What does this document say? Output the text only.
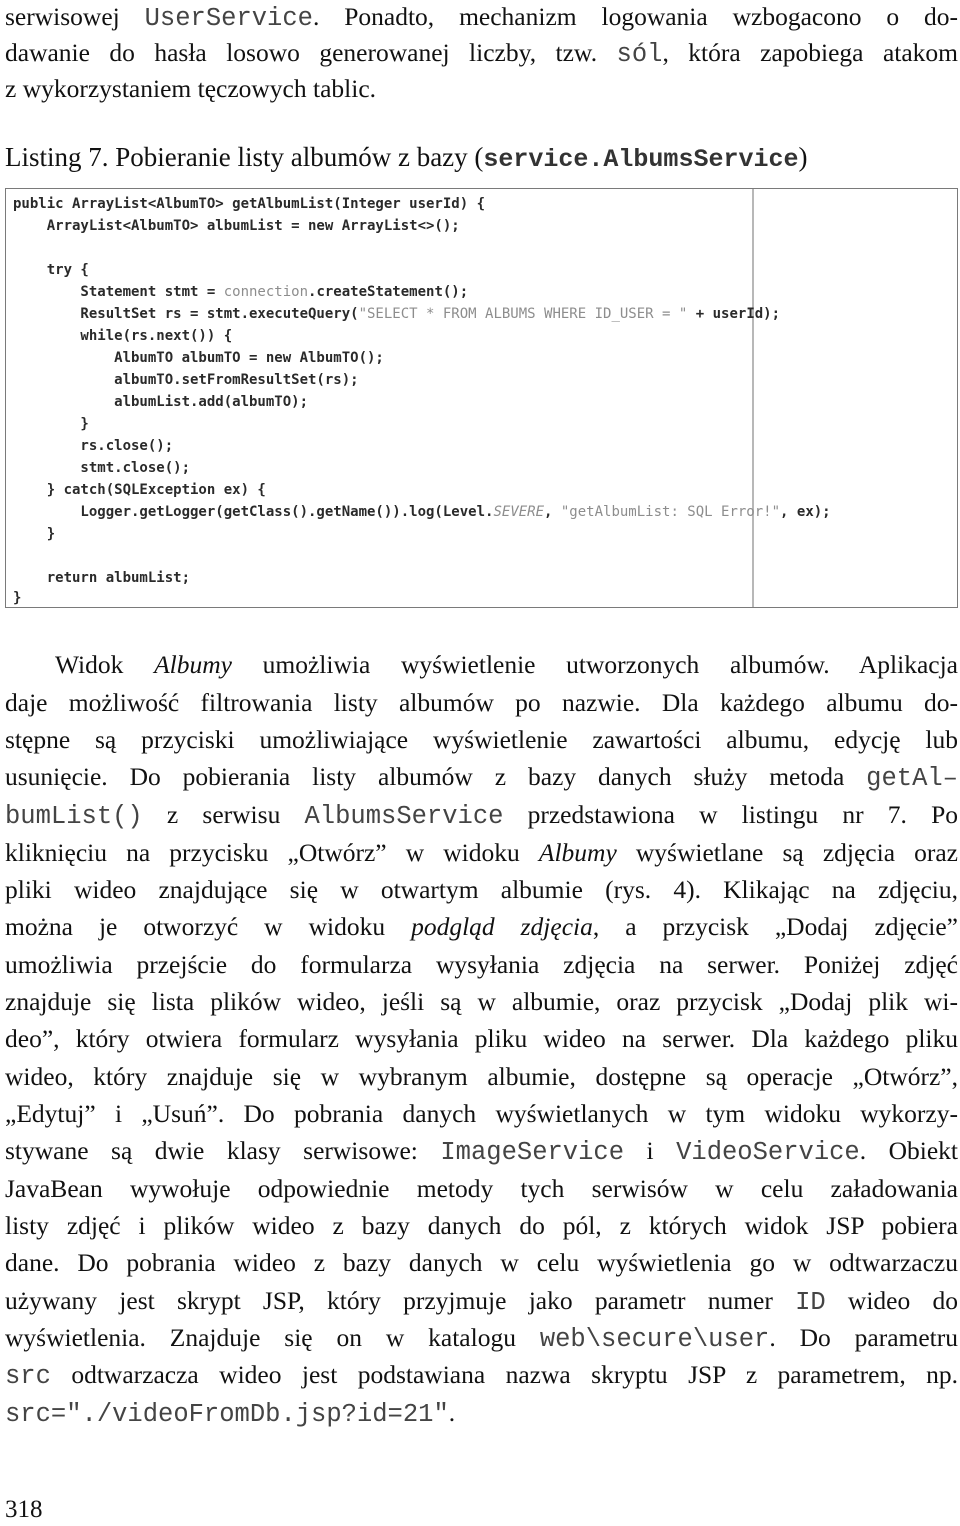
serwisowej UserService. Ponadto, mechanizm logowania wzbogacono o do-
dawanie do hasła losowo generowanej liczby, tzw. sól, która zapobiega atakom
z wykorzystaniem tęczowych tablic.
Listing 7. Pobieranie listy albumów z bazy (service.AlbumsService)
public ArrayList<AlbumTO> getAlbumList(Integer userId) {
ArrayList<AlbumTO> albumList = new ArrayList<>();
try {
Statement stmt = connection.createStatement();
ResultSet rs = stmt.executeQuery("SELECT * FROM ALBUMS WHERE ID_USER = " + userId);
while(rs.next()) {
AlbumTO albumTO = new AlbumTO();
albumTO.setFromResultSet(rs);
albumList.add(albumTO);
}
rs.close();
stmt.close();
} catch(SQLException ex) {
Logger.getLogger(getClass().getName()).log(Level.SEVERE, "getAlbumList: SQL Error!", ex);
}
return albumList;
}
Widok Albumy umożliwia wyświetlenie utworzonych albumów. Aplikacja
daje możliwość filtrowania listy albumów po nazwie. Dla każdego albumu do-
stępne są przyciski umożliwiające wyświetlenie zawartości albumu, edycję lub
usunięcie. Do pobierania listy albumów z bazy danych służy metoda getAl–
bumList() z serwisu AlbumsService przedstawiona w listingu nr 7. Po
kliknięciu na przycisku „Otwórz” w widoku Albumy wyświetlane są zdjęcia oraz
pliki wideo znajdujące się w otwartym albumie (rys. 4). Klikając na zdjęciu,
można je otworzyć w widoku podgląd zdjęcia, a przycisk „Dodaj zdjęcie”
umożliwia przejście do formularza wysyłania zdjęcia na serwer. Poniżej zdjęć
znajduje się lista plików wideo, jeśli są w albumie, oraz przycisk „Dodaj plik wi-
deo”, który otwiera formularz wysyłania pliku wideo na serwer. Dla każdego pliku
wideo, który znajduje się w wybranym albumie, dostępne są operacje „Otwórz”,
„Edytuj” i „Usuń”. Do pobrania danych wyświetlanych w tym widoku wykorzy-
stywane są dwie klasy serwisowe: ImageService i VideoService. Obiekt
JavaBean wywołuje odpowiednie metody tych serwisów w celu załadowania
listy zdjęć i plików wideo z bazy danych do pól, z których widok JSP pobiera
dane. Do pobrania wideo z bazy danych w celu wyświetlenia go w odtwarzaczu
używany jest skrypt JSP, który przyjmuje jako parametr numer ID wideo do
wyświetlenia. Znajduje się on w katalogu web\secure\user. Do parametru
src odtwarzacza wideo jest podstawiana nazwa skryptu JSP z parametrem, np.
src="./videoFromDb.jsp?id=21".
318
